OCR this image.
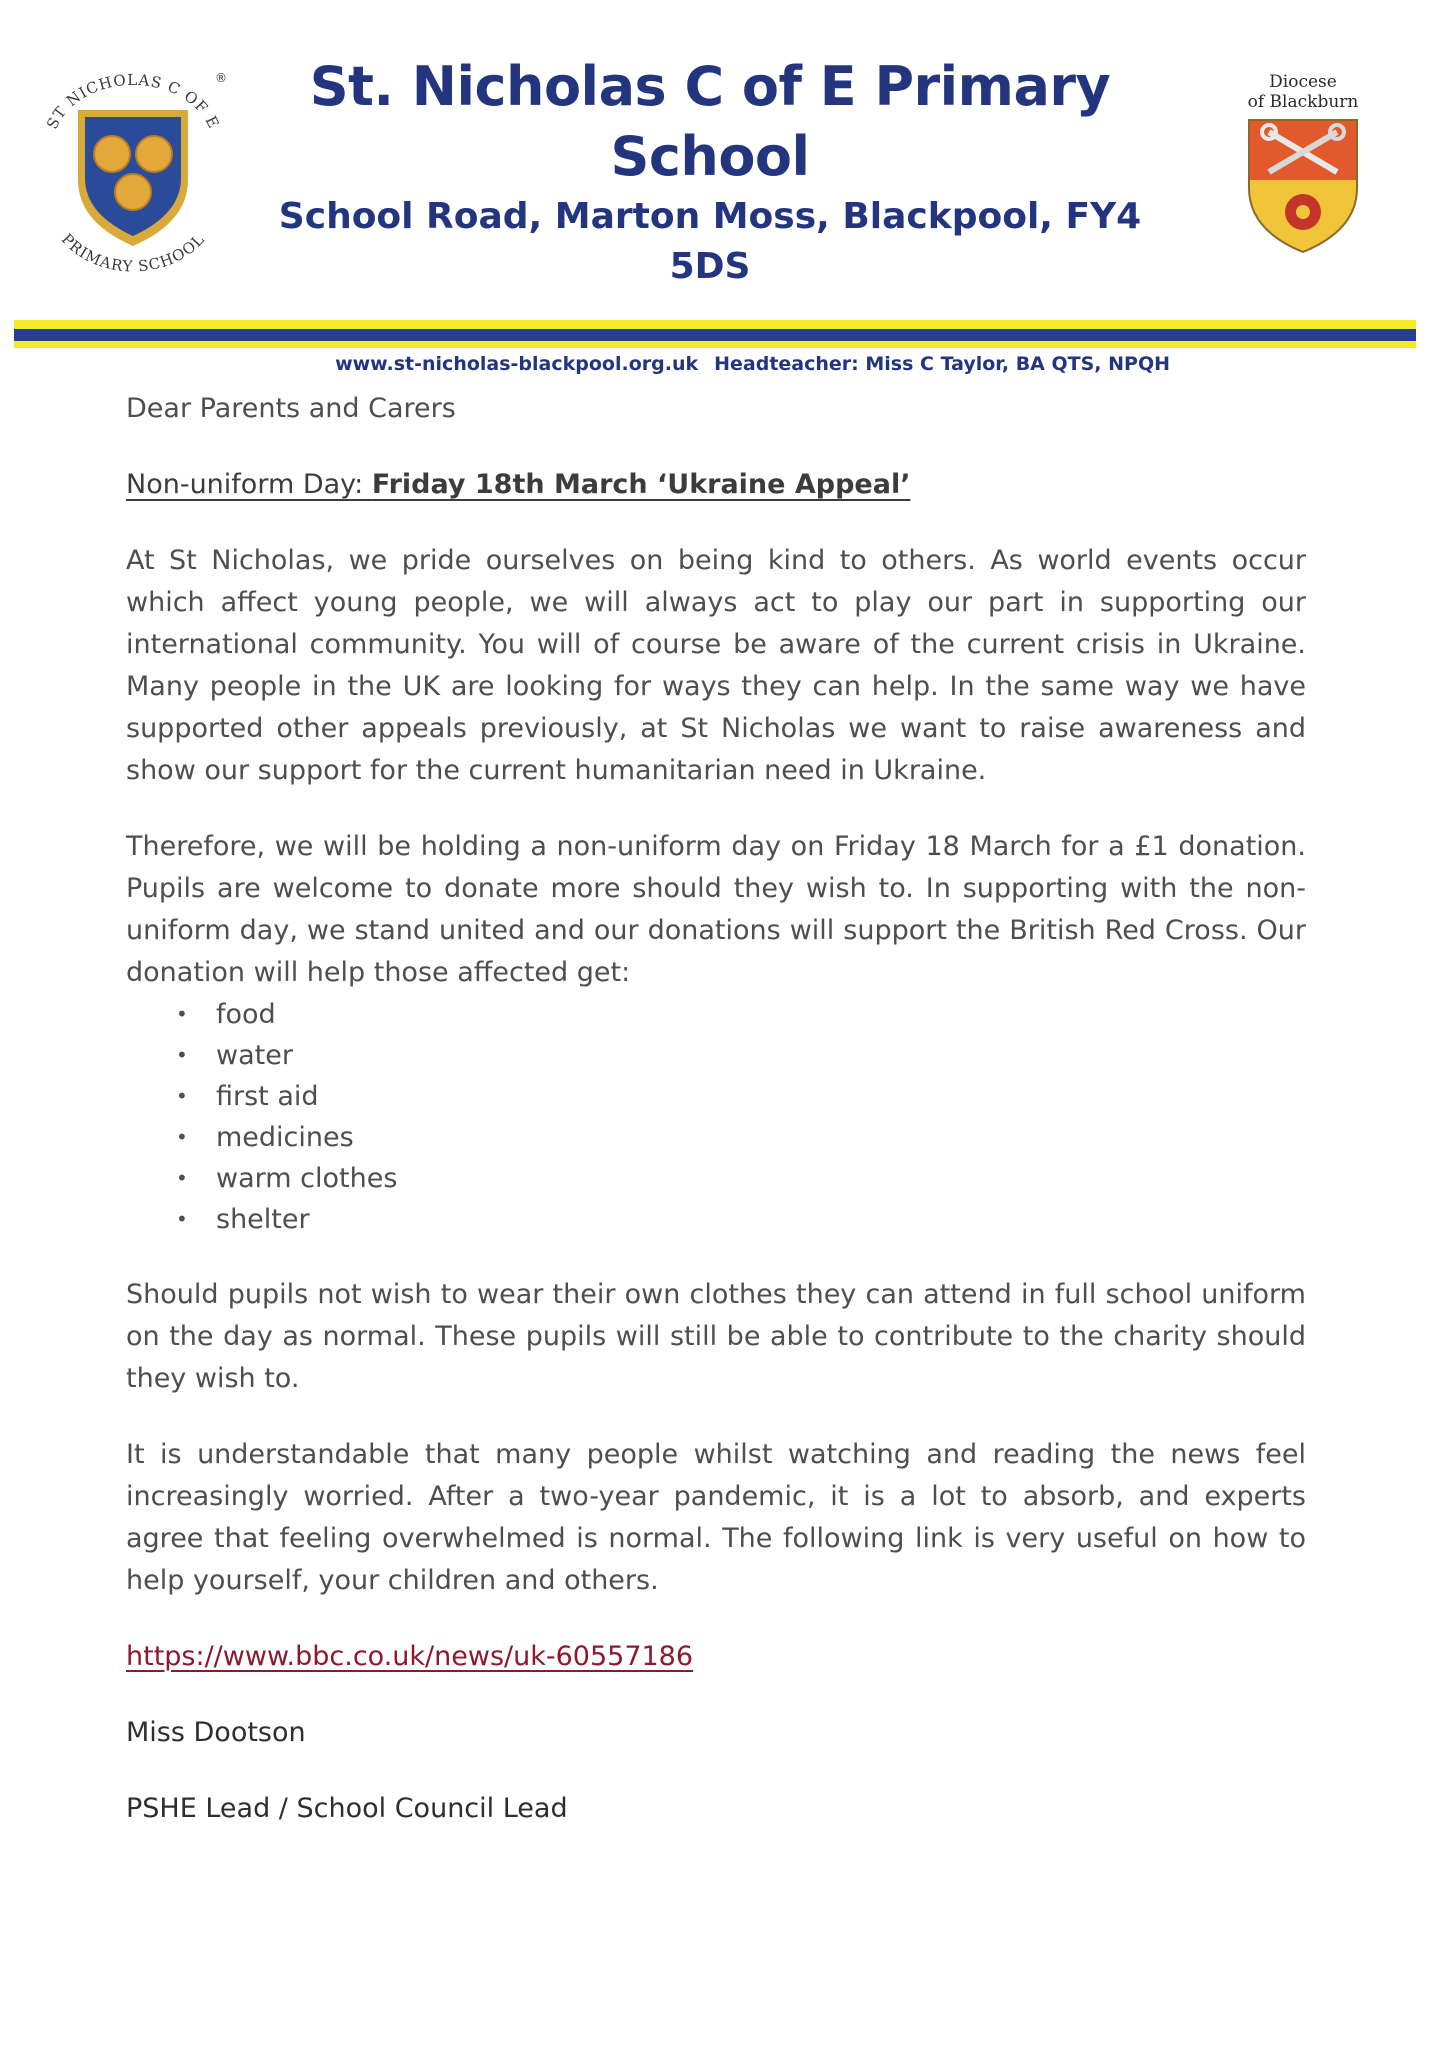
ST NICHOLAS C OF E
®
PRIMARY SCHOOL

St. Nicholas C of E Primary School

School Road, Marton Moss, Blackpool, FY4 5DS

www.st-nicholas-blackpool.org.uk Headteacher: Miss C Taylor, BA QTS, NPQH

Diocese
of Blackburn

Dear Parents and Carers

Non-uniform Day: Friday 18th March ‘Ukraine Appeal’

At St Nicholas, we pride ourselves on being kind to others. As world events occur which affect young people, we will always act to play our part in supporting our international community. You will of course be aware of the current crisis in Ukraine. Many people in the UK are looking for ways they can help. In the same way we have supported other appeals previously, at St Nicholas we want to raise awareness and show our support for the current humanitarian need in Ukraine.

Therefore, we will be holding a non-uniform day on Friday 18 March for a £1 donation. Pupils are welcome to donate more should they wish to. In supporting with the non-uniform day, we stand united and our donations will support the British Red Cross. Our donation will help those affected get:

• food
• water
• first aid
• medicines
• warm clothes
• shelter

Should pupils not wish to wear their own clothes they can attend in full school uniform on the day as normal. These pupils will still be able to contribute to the charity should they wish to.

It is understandable that many people whilst watching and reading the news feel increasingly worried. After a two-year pandemic, it is a lot to absorb, and experts agree that feeling overwhelmed is normal. The following link is very useful on how to help yourself, your children and others.

https://www.bbc.co.uk/news/uk-60557186

Miss Dootson

PSHE Lead / School Council Lead
